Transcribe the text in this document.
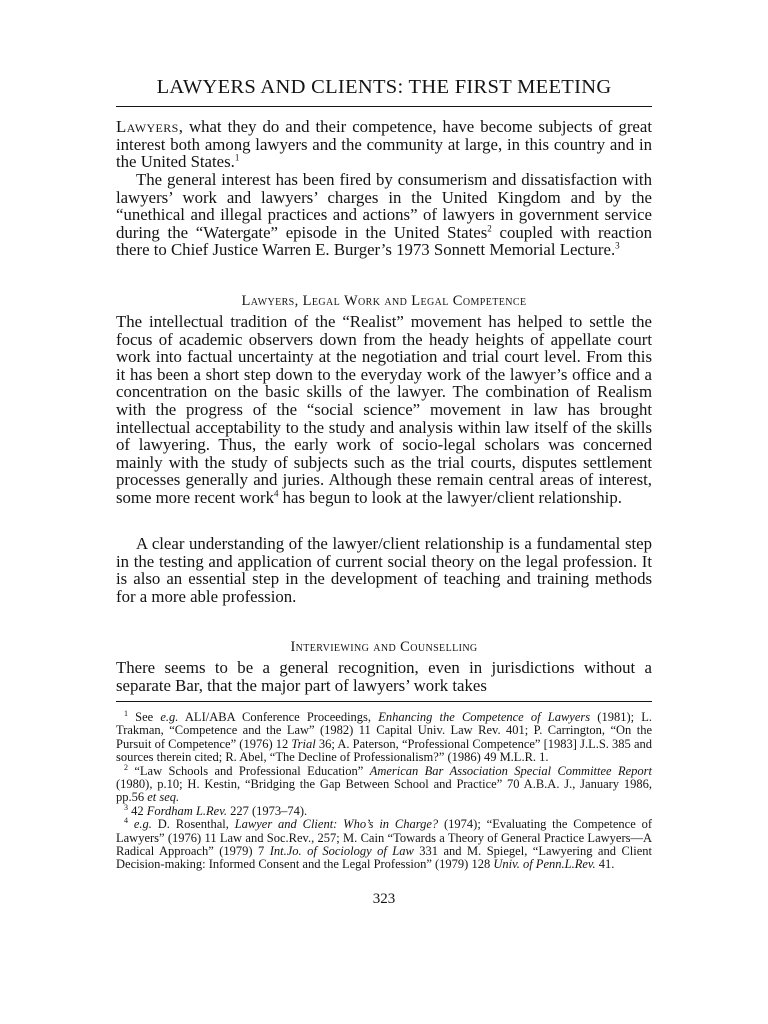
LAWYERS AND CLIENTS: THE FIRST MEETING

Lawyers, what they do and their competence, have become subjects of great interest both among lawyers and the community at large, in this country and in the United States.$^1$

The general interest has been fired by consumerism and dissatisfaction with lawyers’ work and lawyers’ charges in the United Kingdom and by the “unethical and illegal practices and actions” of lawyers in government service during the “Watergate” episode in the United States$^2$ coupled with reaction there to Chief Justice Warren E. Burger’s 1973 Sonnett Memorial Lecture.$^3$

Lawyers, Legal Work and Legal Competence

The intellectual tradition of the “Realist” movement has helped to settle the focus of academic observers down from the heady heights of appellate court work into factual uncertainty at the negotiation and trial court level. From this it has been a short step down to the everyday work of the lawyer’s office and a concentration on the basic skills of the lawyer. The combination of Realism with the progress of the “social science” movement in law has brought intellectual acceptability to the study and analysis within law itself of the skills of lawyering. Thus, the early work of socio-legal scholars was concerned mainly with the study of subjects such as the trial courts, disputes settlement processes generally and juries. Although these remain central areas of interest, some more recent work$^4$ has begun to look at the lawyer/client relationship.

A clear understanding of the lawyer/client relationship is a fundamental step in the testing and application of current social theory on the legal profession. It is also an essential step in the development of teaching and training methods for a more able profession.

Interviewing and Counselling

There seems to be a general recognition, even in jurisdictions without a separate Bar, that the major part of lawyers’ work takes

$^1$ See e.g. ALI/ABA Conference Proceedings, Enhancing the Competence of Lawyers (1981); L. Trakman, “Competence and the Law” (1982) 11 Capital Univ. Law Rev. 401; P. Carrington, “On the Pursuit of Competence” (1976) 12 Trial 36; A. Paterson, “Professional Competence” [1983] J.L.S. 385 and sources therein cited; R. Abel, “The Decline of Professionalism?” (1986) 49 M.L.R. 1.

$^2$ “Law Schools and Professional Education” American Bar Association Special Committee Report (1980), p.10; H. Kestin, “Bridging the Gap Between School and Practice” 70 A.B.A. J., January 1986, pp.56 et seq.

$^3$ 42 Fordham L.Rev. 227 (1973–74).

$^4$ e.g. D. Rosenthal, Lawyer and Client: Who’s in Charge? (1974); “Evaluating the Competence of Lawyers” (1976) 11 Law and Soc.Rev., 257; M. Cain “Towards a Theory of General Practice Lawyers—A Radical Approach” (1979) 7 Int.Jo. of Sociology of Law 331 and M. Spiegel, “Lawyering and Client Decision-making: Informed Consent and the Legal Profession” (1979) 128 Univ. of Penn.L.Rev. 41.

323
